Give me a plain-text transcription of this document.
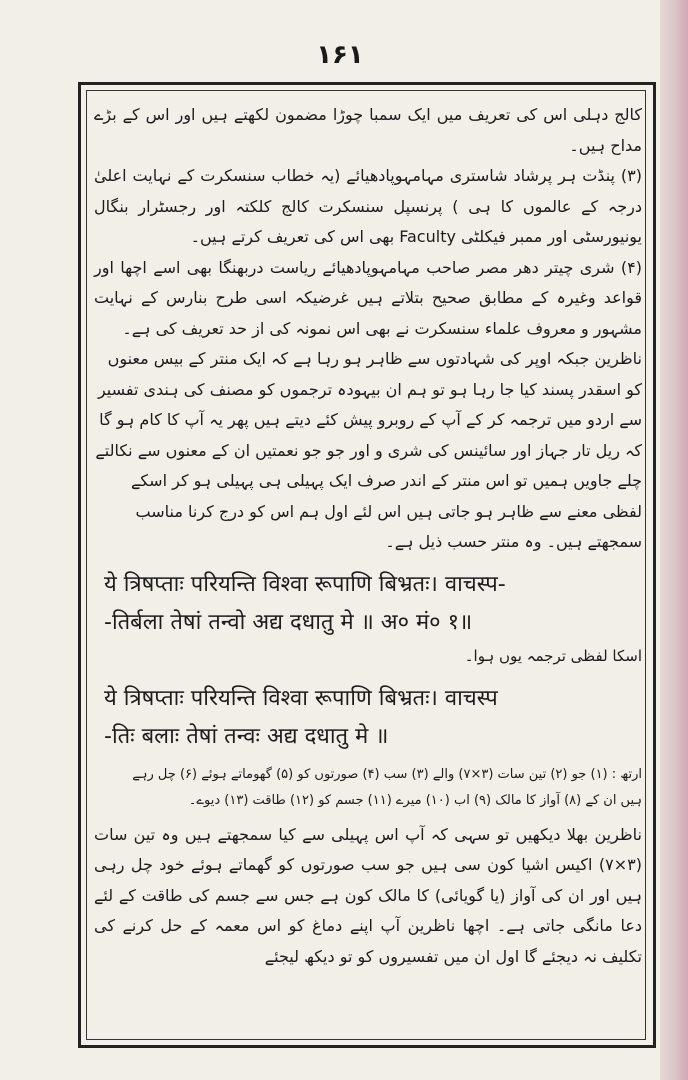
۱۶۱

کالج دہلی اس کی تعریف میں ایک سمبا چوڑا مضمون لکھتے ہیں اور اس کے بڑے مداح ہیں۔

(۳) پنڈت ہر پرشاد شاستری مہامہوپادھیائے (یہ خطاب سنسکرت کے نہایت اعلیٰ درجہ کے عالموں کا ہی ) پرنسپل سنسکرت کالج کلکتہ اور رجسٹرار بنگال یونیورسٹی اور ممبر فیکلٹی Faculty بھی اس کی تعریف کرتے ہیں۔

(۴) شری چیتر دھر مصر صاحب مہامہوپادھیائے ریاست دربھنگا بھی اسے اچھا اور قواعد وغیرہ کے مطابق صحیح بتلاتے ہیں غرضیکہ اسی طرح بنارس کے نہایت مشہور و معروف علماء سنسکرت نے بھی اس نمونہ کی از حد تعریف کی ہے۔

ناظرین جبکہ اوپر کی شہادتوں سے ظاہر ہو رہا ہے کہ ایک منتر کے بیس معنوں کو اسقدر پسند کیا جا رہا ہو تو ہم ان بیہودہ ترجموں کو مصنف کی ہندی تفسیر سے اردو میں ترجمہ کر کے آپ کے روبرو پیش کئے دیتے ہیں پھر یہ آپ کا کام ہو گا کہ ریل تار جہاز اور سائینس کی شری و اور جو جو نعمتیں ان کے معنوں سے نکالتے چلے جاویں ہمیں تو اس منتر کے اندر صرف ایک پہیلی ہی پہیلی ہو کر اسکے لفظی معنے سے ظاہر ہو جاتی ہیں اس لئے اول ہم اس کو درج کرنا مناسب سمجھتے ہیں۔ وہ منتر حسب ذیل ہے۔

ये त्रिषप्ताः परियन्ति विश्वा रूपाणि बिभ्रतः। वाचस्प-

-तिर्बला तेषां तन्वो अद्य दधातु मे ॥ अ० मं० १॥

اسکا لفظی ترجمہ یوں ہوا۔

ये त्रिषप्ताः परियन्ति विश्वा रूपाणि बिभ्रतः। वाचस्प

-तिः बलाः तेषां तन्वः अद्य दधातु मे ॥

ارتھ : (۱) جو (۲) تین سات (۳×۷) والے (۳) سب (۴) صورتوں کو (۵) گھوماتے ہوئے (۶) چل رہے

ہیں ان کے (۸) آواز کا مالک (۹) اب (۱۰) میرے (۱۱) جسم کو (۱۲) طاقت (۱۳) دیوے۔

ناظرین بھلا دیکھیں تو سہی کہ آپ اس پہیلی سے کیا سمجھتے ہیں وہ تین سات (۳×۷) اکیس اشیا کون سی ہیں جو سب صورتوں کو گھماتے ہوئے خود چل رہی ہیں اور ان کی آواز (یا گویائی) کا مالک کون ہے جس سے جسم کی طاقت کے لئے دعا مانگی جاتی ہے۔ اچھا ناظرین آپ اپنے دماغ کو اس معمہ کے حل کرنے کی تکلیف نہ دیجئے گا اول ان میں تفسیروں کو تو دیکھ لیجئے
